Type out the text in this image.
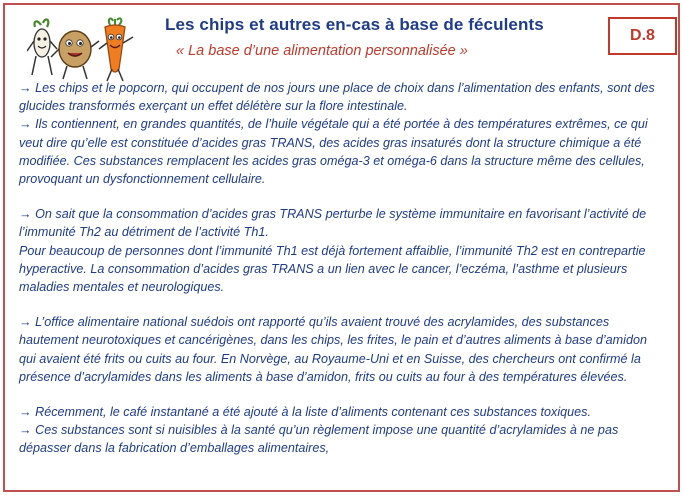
Les chips et autres en-cas à base de féculents
« La base d’une alimentation personnalisée »
D.8

→ Les chips et le popcorn, qui occupent de nos jours une place de choix dans l’alimentation des enfants, sont des glucides transformés exerçant un effet délétère sur la flore intestinale.

→ Ils contiennent, en grandes quantités, de l’huile végétale qui a été portée à des températures extrêmes, ce qui veut dire qu’elle est constituée d’acides gras TRANS, des acides gras insaturés dont la structure chimique a été modifiée. Ces substances remplacent les acides gras oméga-3 et oméga-6 dans la structure même des cellules, provoquant un dysfonctionnement cellulaire.

→ On sait que la consommation d’acides gras TRANS perturbe le système immunitaire en favorisant l’activité de l’immunité Th2 au détriment de l’activité Th1.

Pour beaucoup de personnes dont l’immunité Th1 est déjà fortement affaiblie, l’immunité Th2 est en contrepartie hyperactive. La consommation d’acides gras TRANS a un lien avec le cancer, l’eczéma, l’asthme et plusieurs maladies mentales et neurologiques.

→ L’office alimentaire national suédois ont rapporté qu’ils avaient trouvé des acrylamides, des substances hautement neurotoxiques et cancérigènes, dans les chips, les frites, le pain et d’autres aliments à base d’amidon qui avaient été frits ou cuits au four. En Norvège, au Royaume-Uni et en Suisse, des chercheurs ont confirmé la présence d’acrylamides dans les aliments à base d’amidon, frits ou cuits au four à des températures élevées.

→ Récemment, le café instantané a été ajouté à la liste d’aliments contenant ces substances toxiques.

→ Ces substances sont si nuisibles à la santé qu’un règlement impose une quantité d’acrylamides à ne pas dépasser dans la fabrication d’emballages alimentaires,
